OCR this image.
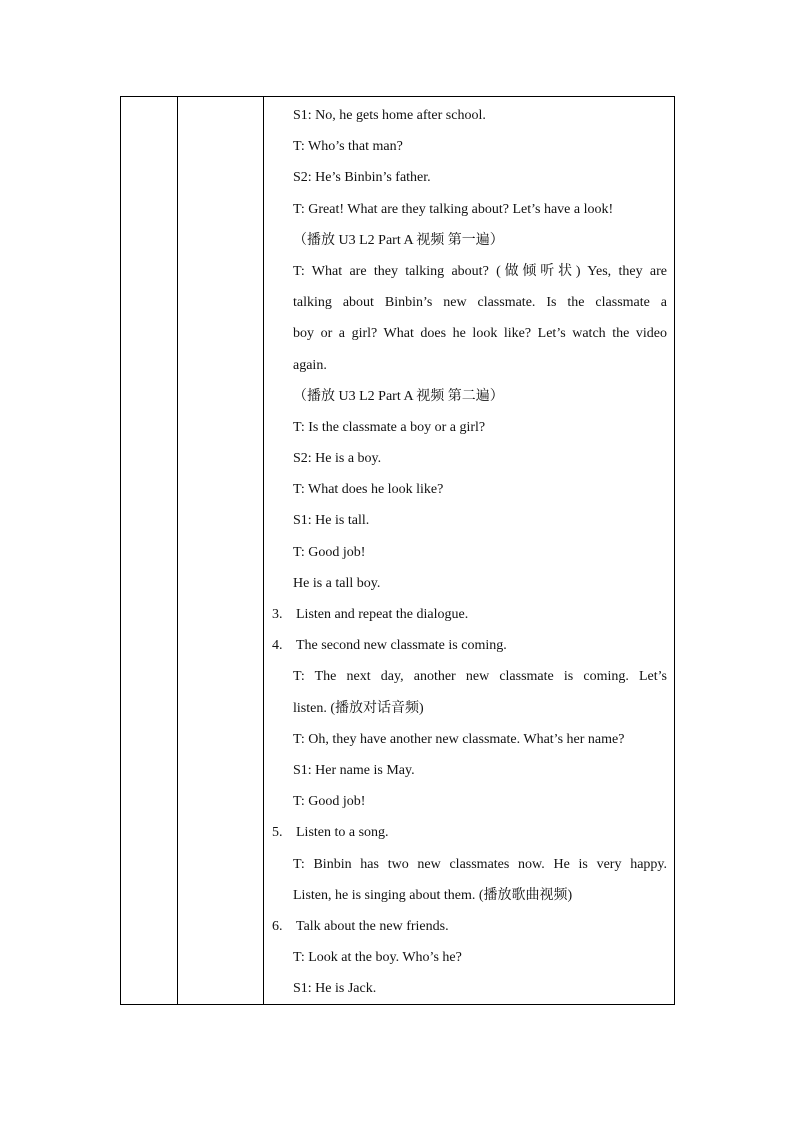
S1: No, he gets home after school.
T: Who’s that man?
S2: He’s Binbin’s father.
T: Great! What are they talking about? Let’s have a look!
（播放 U3 L2 Part A 视频 第一遍）
T: What are they talking about? (做倾听状) Yes, they are
talking about Binbin’s new classmate. Is the classmate a
boy or a girl? What does he look like? Let’s watch the video
again.
（播放 U3 L2 Part A 视频 第二遍）
T: Is the classmate a boy or a girl?
S2: He is a boy.
T: What does he look like?
S1: He is tall.
T: Good job!
He is a tall boy.
3. Listen and repeat the dialogue.
4. The second new classmate is coming.
T: The next day, another new classmate is coming. Let’s
listen. (播放对话音频)
T: Oh, they have another new classmate. What’s her name?
S1: Her name is May.
T: Good job!
5. Listen to a song.
T: Binbin has two new classmates now. He is very happy.
Listen, he is singing about them. (播放歌曲视频)
6. Talk about the new friends.
T: Look at the boy. Who’s he?
S1: He is Jack.
